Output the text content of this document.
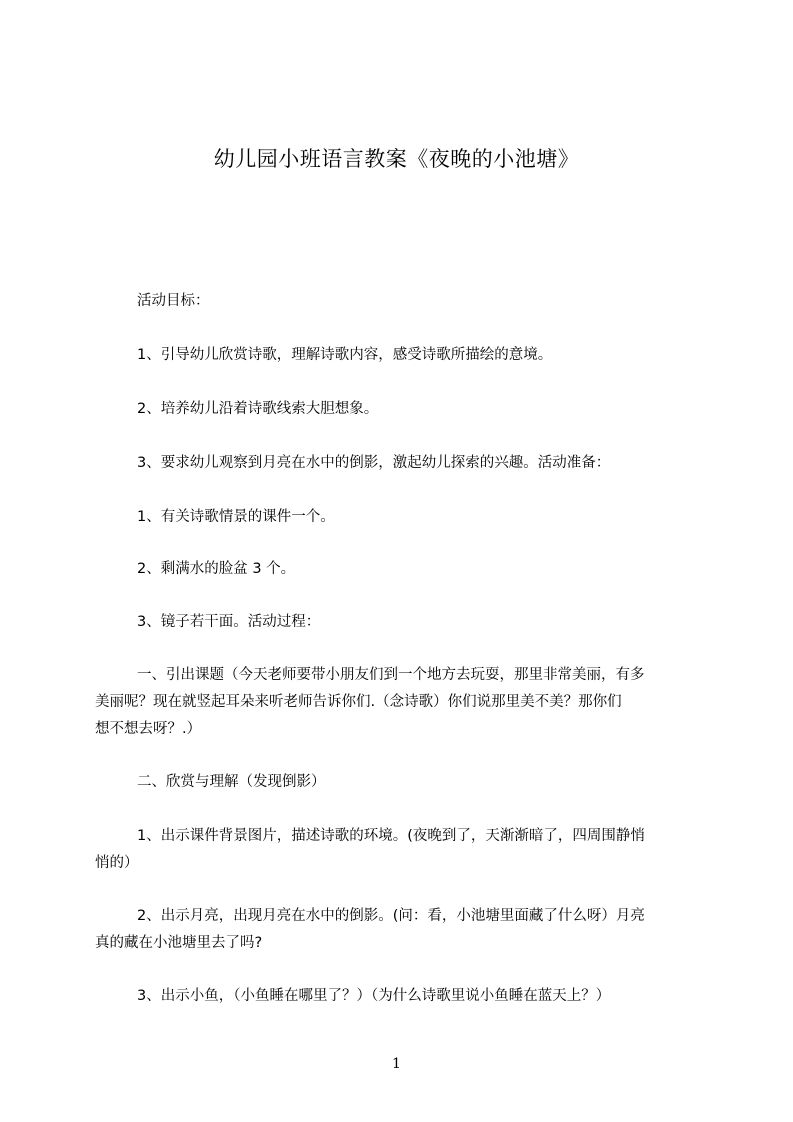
幼儿园小班语言教案《夜晚的小池塘》
活动目标：
1、引导幼儿欣赏诗歌，理解诗歌内容，感受诗歌所描绘的意境。
2、培养幼儿沿着诗歌线索大胆想象。
3、要求幼儿观察到月亮在水中的倒影，激起幼儿探索的兴趣。活动准备：
1、有关诗歌情景的课件一个。
2、剩满水的脸盆 3 个。
3、镜子若干面。活动过程：
一、引出课题（今天老师要带小朋友们到一个地方去玩耍，那里非常美丽，有多
美丽呢？现在就竖起耳朵来听老师告诉你们.（念诗歌）你们说那里美不美？那你们
想不想去呀？.）
二、欣赏与理解（发现倒影）
1、出示课件背景图片，描述诗歌的环境。(夜晚到了，天渐渐暗了，四周围静悄
悄的）
2、出示月亮，出现月亮在水中的倒影。(问：看，小池塘里面藏了什么呀）月亮
真的藏在小池塘里去了吗?
3、出示小鱼，（小鱼睡在哪里了？）（为什么诗歌里说小鱼睡在蓝天上？）
1
